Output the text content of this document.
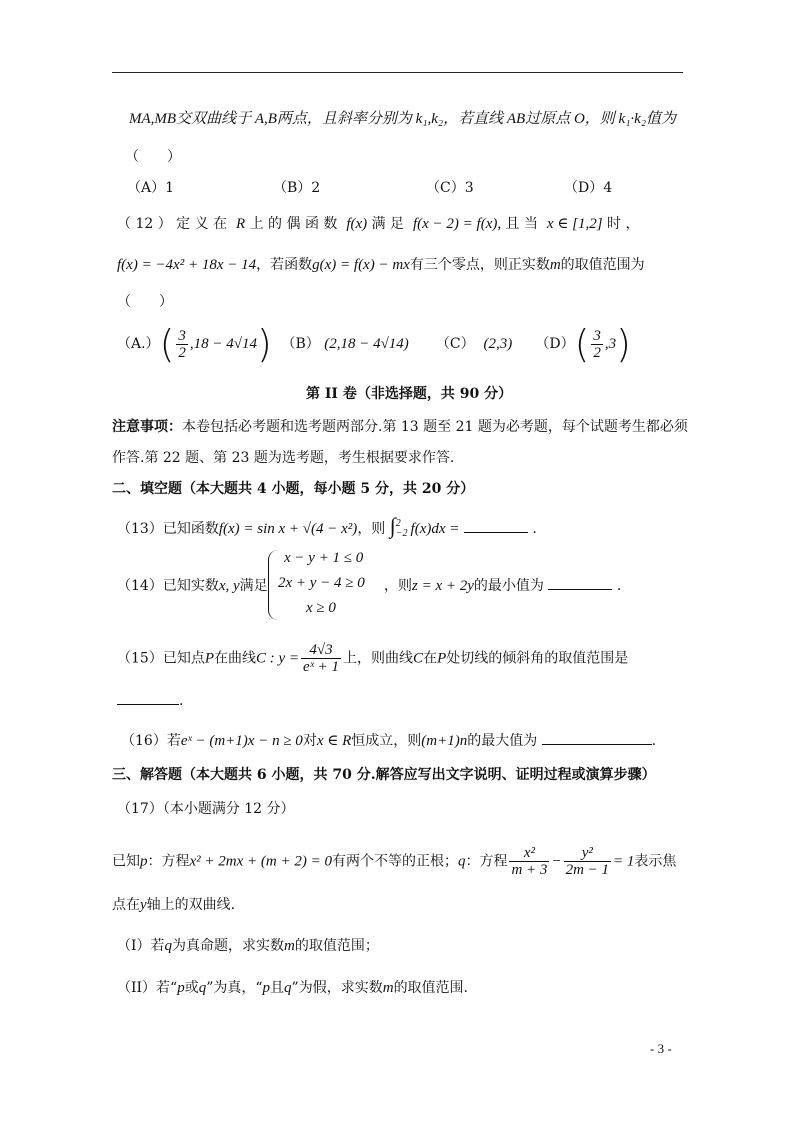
MA,MB交双曲线于 A,B两点，且斜率分别为 k₁,k₂，若直线 AB过原点 O，则 k₁·k₂值为
（　　）
（A）1	（B）2	（C）3	（D）4
（ 12 ） 定 义 在 R 上 的 偶 函 数 f(x) 满 足 f(x − 2) = f(x), 且 当 x ∈ [1,2] 时 ，
f(x) = −4x² + 18x − 14，若函数g(x) = f(x) − mx有三个零点，则正实数m的取值范围为
（　　）
$(A.)( \frac{3}{2} ,18 - 4√14)$ （B） (2,18 − 4√14) （C） (2,3) $(D)( \frac{3}{2} ,3)$
第 II 卷（非选择题，共 90 分）
注意事项：本卷包括必考题和选考题两部分.第 13 题至 21 题为必考题，每个试题考生都必须
作答.第 22 题、第 23 题为选考题，考生根据要求作答.
二、填空题（本大题共 4 小题，每小题 5 分，共 20 分）
（13）已知函数f(x) = sin x + √(4 − x²)，则 ∫ 2
−2 f(x)dx =	.
（14）已知实数x, y满足
x − y + 1 ≤ 0
2x + y − 4 ≥ 0
x ≥ 0
，则z = x + 2y的最小值为	.
（15）已知点P在曲线C : $y = \frac{4√3}{\text{eˣ + 1}}$ 上，则曲线C在P处切线的倾斜角的取值范围是
.
（16）若eˣ − (m+1)x − n ≥ 0对x ∈ R恒成立，则(m+1)n的最大值为	.
三、解答题（本大题共 6 小题，共 70 分.解答应写出文字说明、证明过程或演算步骤）
（17）（本小题满分 12 分）
已知p：方程x² + 2mx + (m + 2) = 0有两个不等的正根；q：方程 $\frac{\text{x²}}{m + 3} - \frac{\text{y²}}{2m - 1} = 1$表示焦
点在y轴上的双曲线.
（I）若q为真命题，求实数m的取值范围；
（II）若“p或q”为真，“p且q”为假，求实数m的取值范围.
- 3 -
